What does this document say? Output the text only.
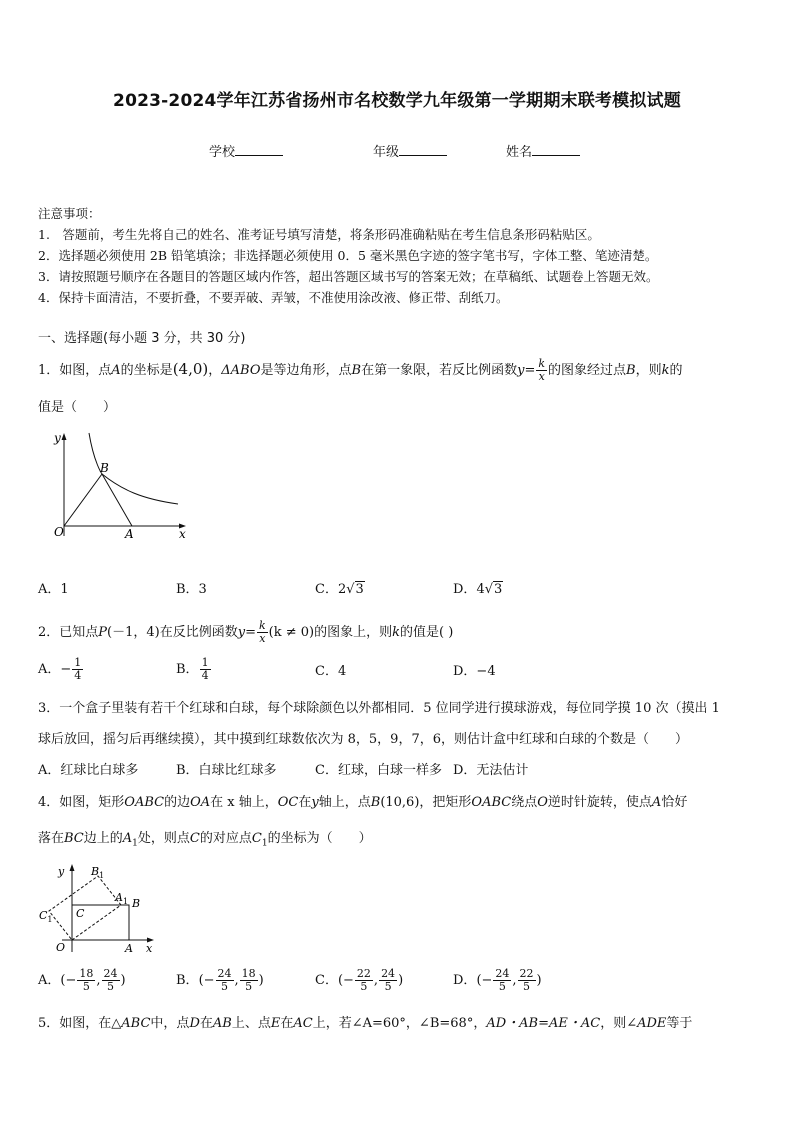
2023-2024学年江苏省扬州市名校数学九年级第一学期期末联考模拟试题
学校	年级	姓名
注意事项：
1.　答题前，考生先将自己的姓名、准考证号填写清楚，将条形码准确粘贴在考生信息条形码粘贴区。
2．选择题必须使用 2B 铅笔填涂；非选择题必须使用 0．5 毫米黑色字迹的签字笔书写，字体工整、笔迹清楚。
3．请按照题号顺序在各题目的答题区域内作答，超出答题区域书写的答案无效；在草稿纸、试题卷上答题无效。
4．保持卡面清洁，不要折叠，不要弄破、弄皱，不准使用涂改液、修正带、刮纸刀。
一、选择题(每小题 3 分，共 30 分)
1．如图，点A的坐标是(4,0)，ΔABO是等边角形，点B在第一象限，若反比例函数$y= \frac{k}{x}$ 的图象经过点B，则k的
值是（　　）
y
B
O	A	x
A．1	B．3	C．2√3	D．4√3
2．已知点P(－1，4)在反比例函数$y= \frac{k}{x} (k \ne 0)$的图象上，则k的值是( )
A．− $\frac{1}{4}$	B． $\frac{1}{4}$	C．4	D．−4
3．一个盒子里装有若干个红球和白球，每个球除颜色以外都相同．5 位同学进行摸球游戏，每位同学摸 10 次（摸出 1
球后放回，摇匀后再继续摸），其中摸到红球数依次为 8，5，9，7，6，则估计盒中红球和白球的个数是（　　）
A．红球比白球多	B．白球比红球多	C．红球，白球一样多 D．无法估计
4．如图，矩形OABC的边OA在 x 轴上，OC在y轴上，点B(10,6)，把矩形OABC绕点O逆时针旋转，使点A恰好
落在BC边上的$A_1$处，则点C的对应点$C_1$的坐标为（　　）
y $B_1$
$A_1$ B
$C_1$ C
O	A x
A．(− $\frac{18}{5}$ , $\frac{24}{5}$ )	B．(− $\frac{24}{5}$ , $\frac{18}{5}$ )	C．(− $\frac{22}{5}$ , $\frac{24}{5}$ )	D．(− $\frac{24}{5}$ , $\frac{22}{5}$ )
5．如图，在△ABC中，点D在AB上、点E在AC上，若∠A=60°，∠B=68°，AD・AB=AE・AC，则∠ADE等于
